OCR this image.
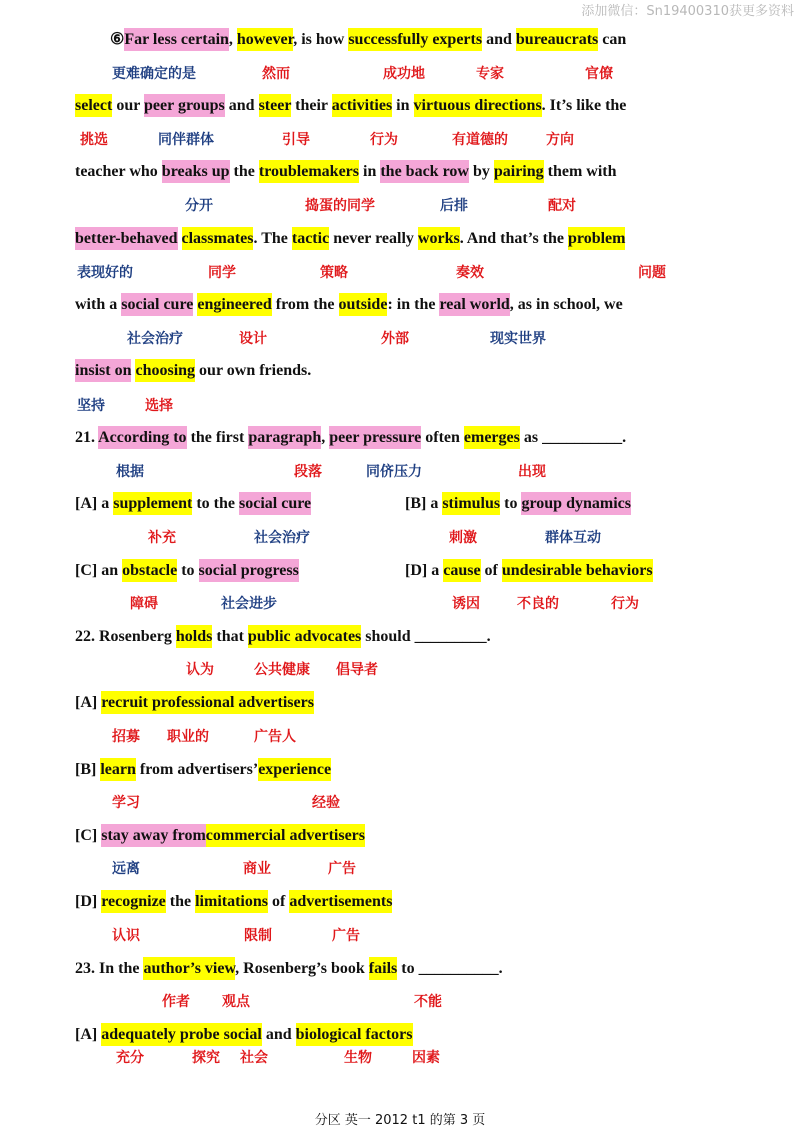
添加微信：Sn19400310获更多资料
⑥Far less certain, however, is how successfully experts and bureaucrats can
select our peer groups and steer their activities in virtuous directions. It’s like the
teacher who breaks up the troublemakers in the back row by pairing them with
better-behaved classmates. The tactic never really works. And that’s the problem
with a social cure engineered from the outside: in the real world, as in school, we
insist on choosing our own friends.
21. According to the first paragraph, peer pressure often emerges as __________.
[A] a supplement to the social cure	[B] a stimulus to group dynamics
[C] an obstacle to social progress	[D] a cause of undesirable behaviors
22. Rosenberg holds that public advocates should _________.
[A] recruit professional advertisers
[B] learn from advertisers’experience
[C] stay away fromcommercial advertisers
[D] recognize the limitations of advertisements
23. In the author’s view, Rosenberg’s book fails to __________.
[A] adequately probe social and biological factors
更难确定的是	然而	成功地	专家	官僚
挑选	同伴群体	引导	行为	有道德的	方向
分开	捣蛋的同学	后排	配对
表现好的	同学	策略	奏效	问题
社会治疗	设计	外部	现实世界
坚持	选择
根据	段落	同侪压力	出现
补充	社会治疗	刺激	群体互动
障碍	社会进步	诱因	不良的	行为
认为	公共健康 倡导者
招募 职业的	广告人
学习	经验
远离	商业	广告
认识	限制	广告
作者 观点	不能
充分	探究 社会	生物	因素
分区 英一 2012 t1 的第 3 页
